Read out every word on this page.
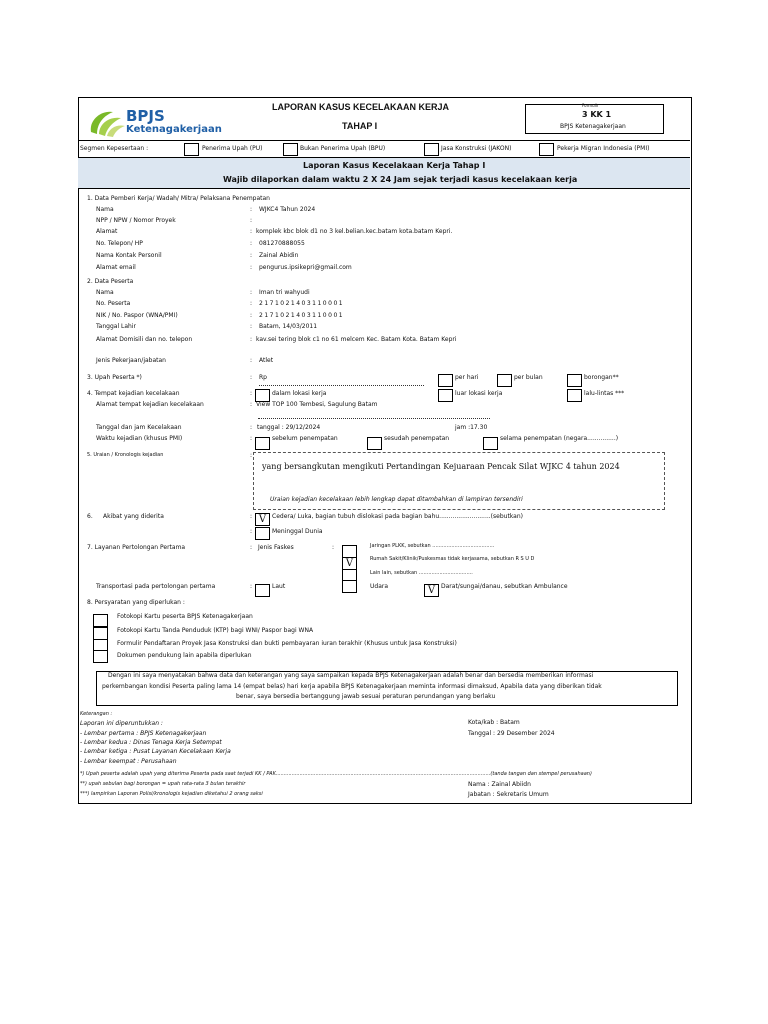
BPJS
Ketenagakerjaan
LAPORAN KASUS KECELAKAAN KERJA
TAHAP I
Formulir
3 KK 1
BPJS Ketenagakerjaan
Segmen Kepesertaan :	Penerima Upah (PU)	Bukan Penerima Upah (BPU)	Jasa Konstruksi (JAKON)	Pekerja Migran Indonesia (PMI)
Laporan Kasus Kecelakaan Kerja Tahap I
Wajib dilaporkan dalam waktu 2 X 24 Jam sejak terjadi kasus kecelakaan kerja
1. Data Pemberi Kerja/ Wadah/ Mitra/ Pelaksana Penempatan
Nama	: WJKC4 Tahun 2024
NPP / NPW / Nomor Proyek	:
Alamat	: komplek kbc blok d1 no 3 kel.belian.kec.batam kota.batam Kepri.
No. Telepon/ HP	: 081270888055
Nama Kontak Personil	: Zainal Abidin
Alamat email	: pengurus.ipsikepri@gmail.com
2. Data Peserta
Nama	: Iman tri wahyudi
No. Peserta	: 2171021403110001
NIK / No. Paspor (WNA/PMI)	: 2171021403110001
Tanggal Lahir	: Batam, 14/03/2011
Alamat Domisili dan no. telepon	: kav.sei tering blok c1 no 61 melcem Kec. Batam Kota. Batam Kepri
Jenis Pekerjaan/jabatan	: Atlet
3. Upah Peserta *)	: Rp	per hari	per bulan	borongan**
4. Tempat kejadian kecelakaan	:	dalam lokasi kerja	luar lokasi kerja	lalu-lintas ***
Alamat tempat kejadian kecelakaan	: View TOP 100 Tembesi, Sagulung Batam
Tanggal dan jam Kecelakaan	: tanggal : 29/12/2024	jam :17.30
Waktu kejadian (khusus PMI)	:	sebelum penempatan	sesudah penempatan	selama penempatan (negara...............)
5. Uraian / Kronologis kejadian	:
yang bersangkutan mengikuti Pertandingan Kejuaraan Pencak Silat WJKC 4 tahun 2024
Uraian kejadian kecelakaan lebih lengkap dapat ditambahkan di lampiran tersendiri
6. Akibat yang diderita	: V Cedera/ Luka, bagian tubuh dislokasi pada bagian bahu...........................(sebutkan)
:	Meninggal Dunia
7. Layanan Pertolongan Pertama	: Jenis Faskes	:	Jaringan PLKK, sebutkan .......................................
V	Rumah Sakit/Klinik/Puskesmas tidak kerjasama, sebutkan R S U D
Lain lain, sebutkan ..................................
Transportasi pada pertolongan pertama	:	Laut	Udara	V Darat/sungai/danau, sebutkan Ambulance
8. Persyaratan yang diperlukan :
Fotokopi Kartu peserta BPJS Ketenagakerjaan
Fotokopi Kartu Tanda Penduduk (KTP) bagi WNI/ Paspor bagi WNA
Formulir Pendaftaran Proyek Jasa Konstruksi dan bukti pembayaran iuran terakhir (Khusus untuk Jasa Konstruksi)
Dokumen pendukung lain apabila diperlukan
Dengan ini saya menyatakan bahwa data dan keterangan yang saya sampaikan kepada BPJS Ketenagakerjaan adalah benar dan bersedia memberikan informasi
perkembangan kondisi Peserta paling lama 14 (empat belas) hari kerja apabila BPJS Ketenagakerjaan meminta informasi dimaksud, Apabila data yang diberikan tidak
benar, saya bersedia bertanggung jawab sesuai peraturan perundangan yang berlaku
Keterangan :
Laporan ini diperuntukkan :
- Lembar pertama : BPJS Ketenagakerjaan
- Lembar kedua : Dinas Tenaga Kerja Setempat
- Lembar ketiga : Pusat Layanan Kecelakaan Kerja
- Lembar keempat : Perusahaan
Kota/kab : Batam
Tanggal : 29 Desember 2024
*) Upah peserta adalah upah yang diterima Peserta pada saat terjadi KK / PAK.......................................................................................................................................(tanda tangan dan stempel perusahaan)
**) upah sebulan bagi borongan = upah rata-rata 3 bulan terakhir
***) lampirkan Laporan Polisi/kronologis kejadian diketahui 2 orang saksi
Nama : Zainal Abiidn
Jabatan : Sekretaris Umum
